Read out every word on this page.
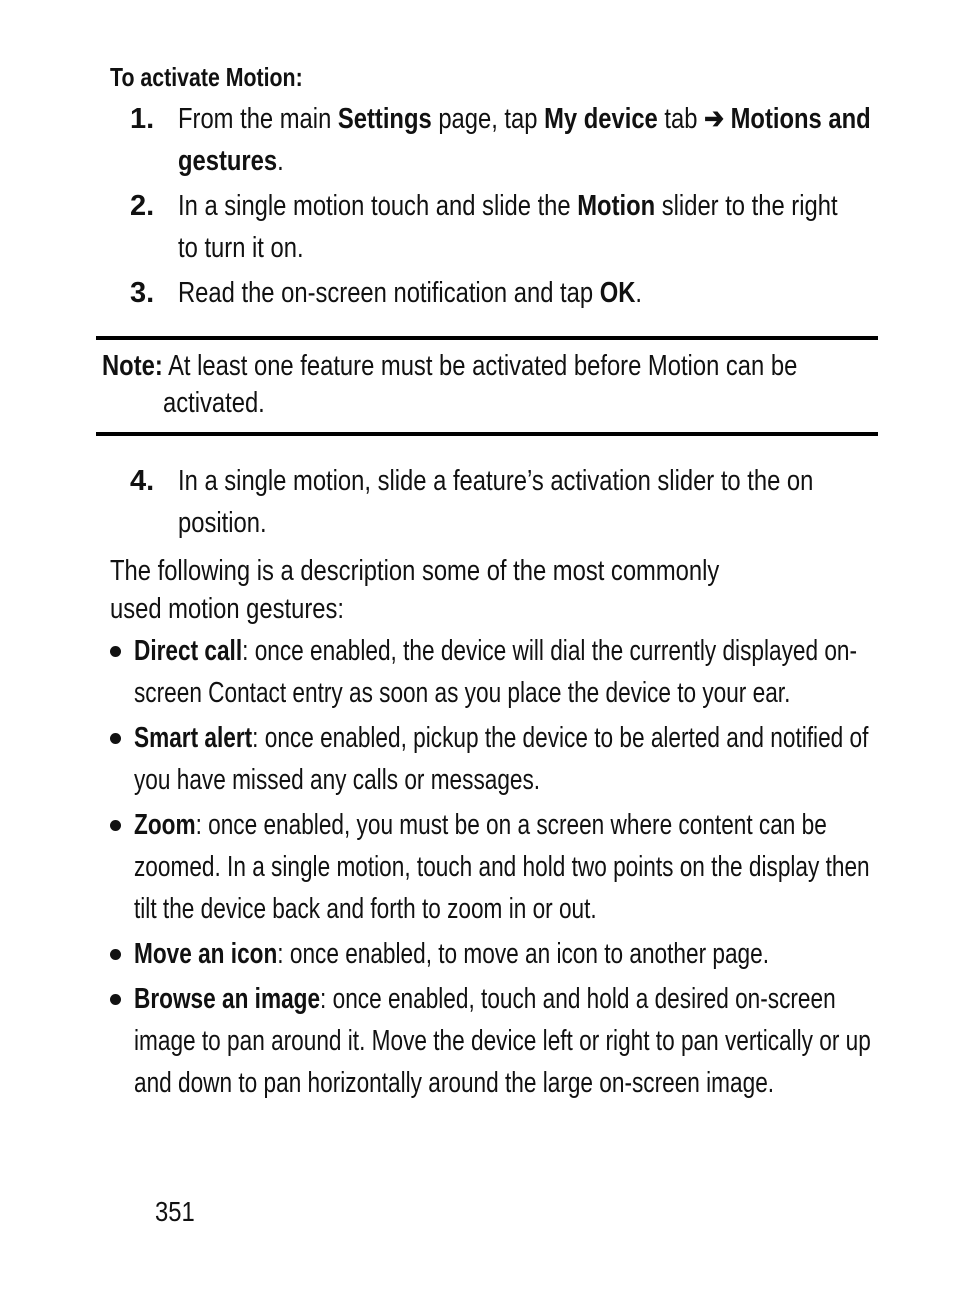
To activate Motion:
1. From the main Settings page, tap My device tab ➔ Motions and
gestures.
2. In a single motion touch and slide the Motion slider to the right
to turn it on.
3. Read the on-screen notification and tap OK.
Note: At least one feature must be activated before Motion can be
activated.
4. In a single motion, slide a feature’s activation slider to the on
position.
The following is a description some of the most commonly
used motion gestures:
Direct call: once enabled, the device will dial the currently displayed on-
screen Contact entry as soon as you place the device to your ear.
Smart alert: once enabled, pickup the device to be alerted and notified of
you have missed any calls or messages.
Zoom: once enabled, you must be on a screen where content can be
zoomed. In a single motion, touch and hold two points on the display then
tilt the device back and forth to zoom in or out.
Move an icon: once enabled, to move an icon to another page.
Browse an image: once enabled, touch and hold a desired on-screen
image to pan around it. Move the device left or right to pan vertically or up
and down to pan horizontally around the large on-screen image.
351
